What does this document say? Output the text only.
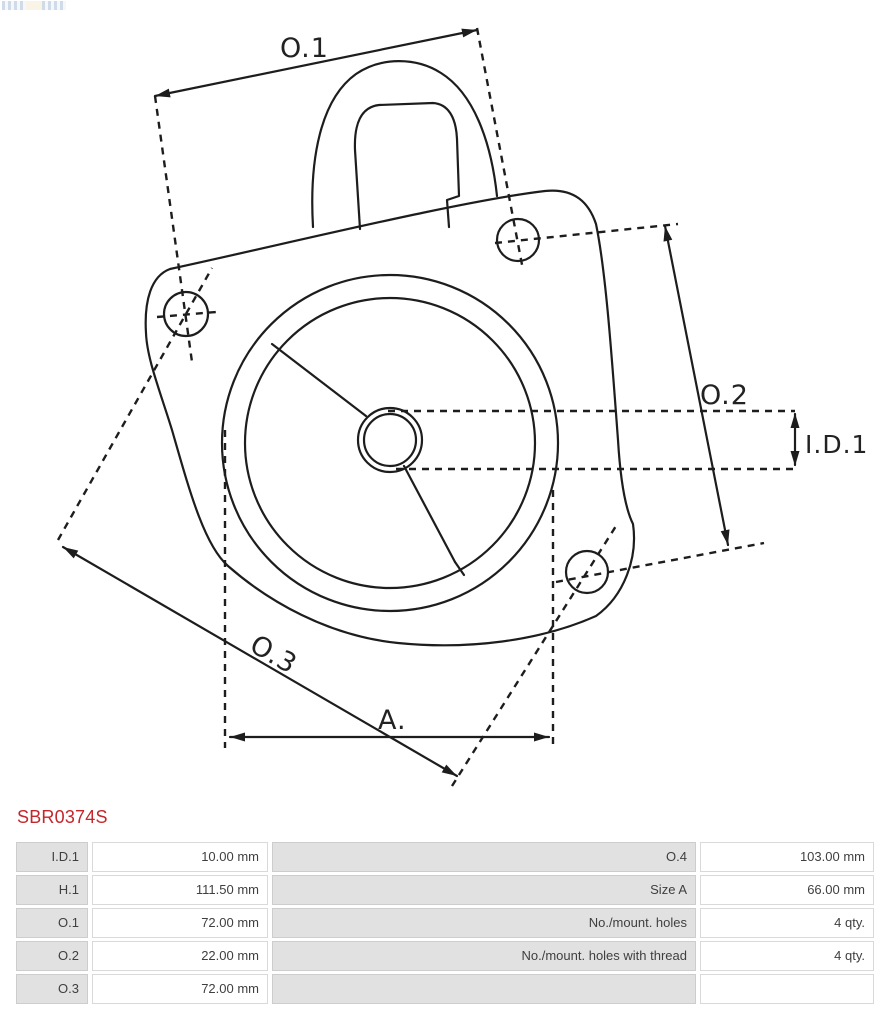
O.1
O.2
O.3
A.
I.D.1
SBR0374S
I.D.1	10.00 mm	O.4	103.00 mm
H.1	111.50 mm	Size A	66.00 mm
O.1	72.00 mm	No./mount. holes	4 qty.
O.2	22.00 mm	No./mount. holes with thread	4 qty.
O.3	72.00 mm
